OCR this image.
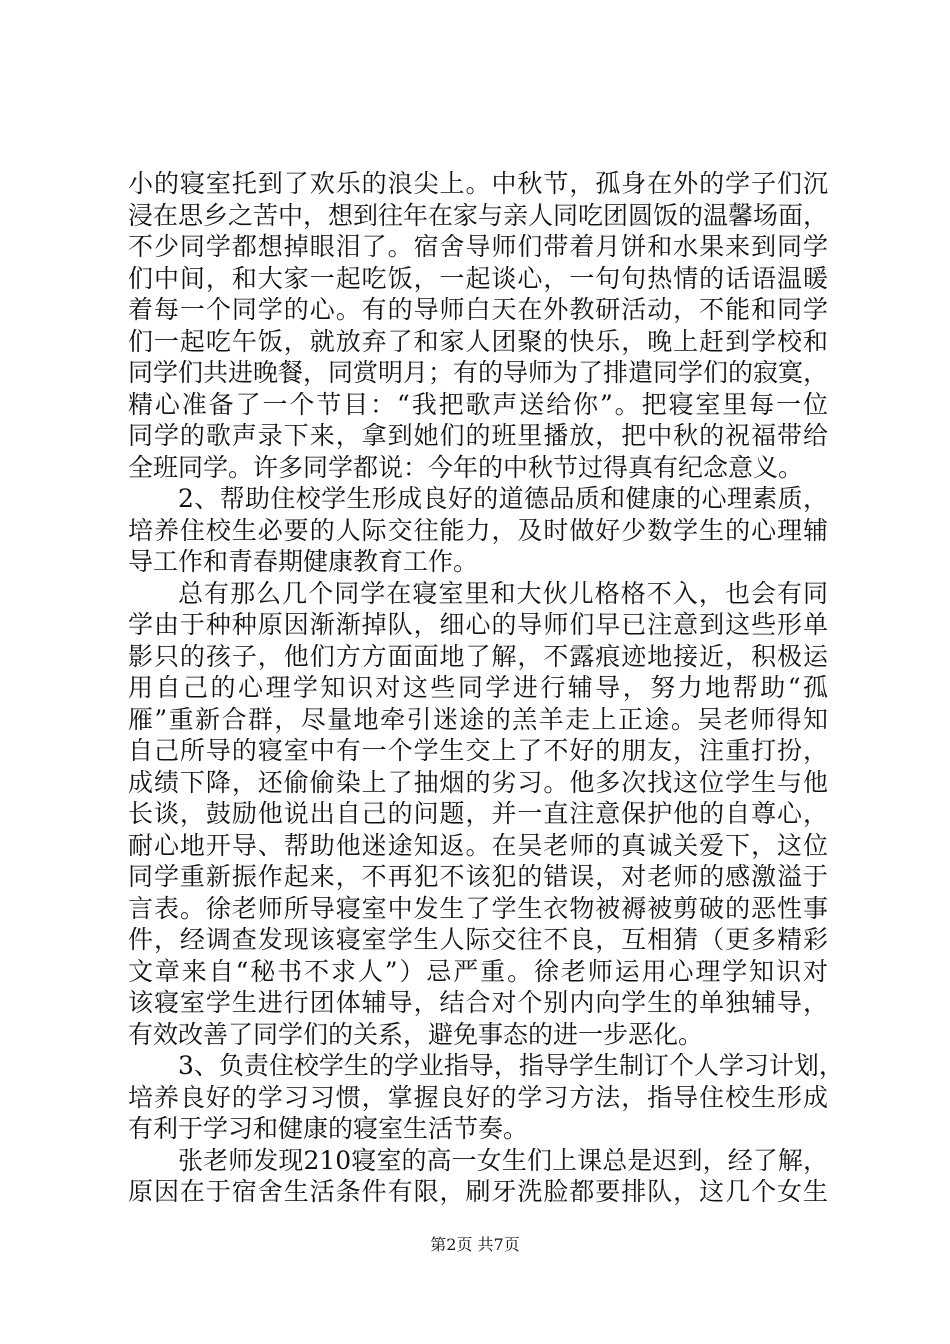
小的寝室托到了欢乐的浪尖上。中秋节，孤身在外的学子们沉
浸在思乡之苦中，想到往年在家与亲人同吃团圆饭的温馨场面，
不少同学都想掉眼泪了。宿舍导师们带着月饼和水果来到同学
们中间，和大家一起吃饭，一起谈心，一句句热情的话语温暖
着每一个同学的心。有的导师白天在外教研活动，不能和同学
们一起吃午饭，就放弃了和家人团聚的快乐，晚上赶到学校和
同学们共进晚餐，同赏明月；有的导师为了排遣同学们的寂寞，
精心准备了一个节目：“我把歌声送给你”。把寝室里每一位
同学的歌声录下来，拿到她们的班里播放，把中秋的祝福带给
全班同学。许多同学都说：今年的中秋节过得真有纪念意义。
2、帮助住校学生形成良好的道德品质和健康的心理素质，
培养住校生必要的人际交往能力，及时做好少数学生的心理辅
导工作和青春期健康教育工作。
总有那么几个同学在寝室里和大伙儿格格不入，也会有同
学由于种种原因渐渐掉队，细心的导师们早已注意到这些形单
影只的孩子，他们方方面面地了解，不露痕迹地接近，积极运
用自己的心理学知识对这些同学进行辅导，努力地帮助“孤
雁”重新合群，尽量地牵引迷途的羔羊走上正途。吴老师得知
自己所导的寝室中有一个学生交上了不好的朋友，注重打扮，
成绩下降，还偷偷染上了抽烟的劣习。他多次找这位学生与他
长谈，鼓励他说出自己的问题，并一直注意保护他的自尊心，
耐心地开导、帮助他迷途知返。在吴老师的真诚关爱下，这位
同学重新振作起来，不再犯不该犯的错误，对老师的感激溢于
言表。徐老师所导寝室中发生了学生衣物被褥被剪破的恶性事
件，经调查发现该寝室学生人际交往不良，互相猜（更多精彩
文章来自“秘书不求人”）忌严重。徐老师运用心理学知识对
该寝室学生进行团体辅导，结合对个别内向学生的单独辅导，
有效改善了同学们的关系，避免事态的进一步恶化。
3、负责住校学生的学业指导，指导学生制订个人学习计划，
培养良好的学习习惯，掌握良好的学习方法，指导住校生形成
有利于学习和健康的寝室生活节奏。
张老师发现210寝室的高一女生们上课总是迟到，经了解，
原因在于宿舍生活条件有限，刷牙洗脸都要排队，这几个女生
第2页 共7页
